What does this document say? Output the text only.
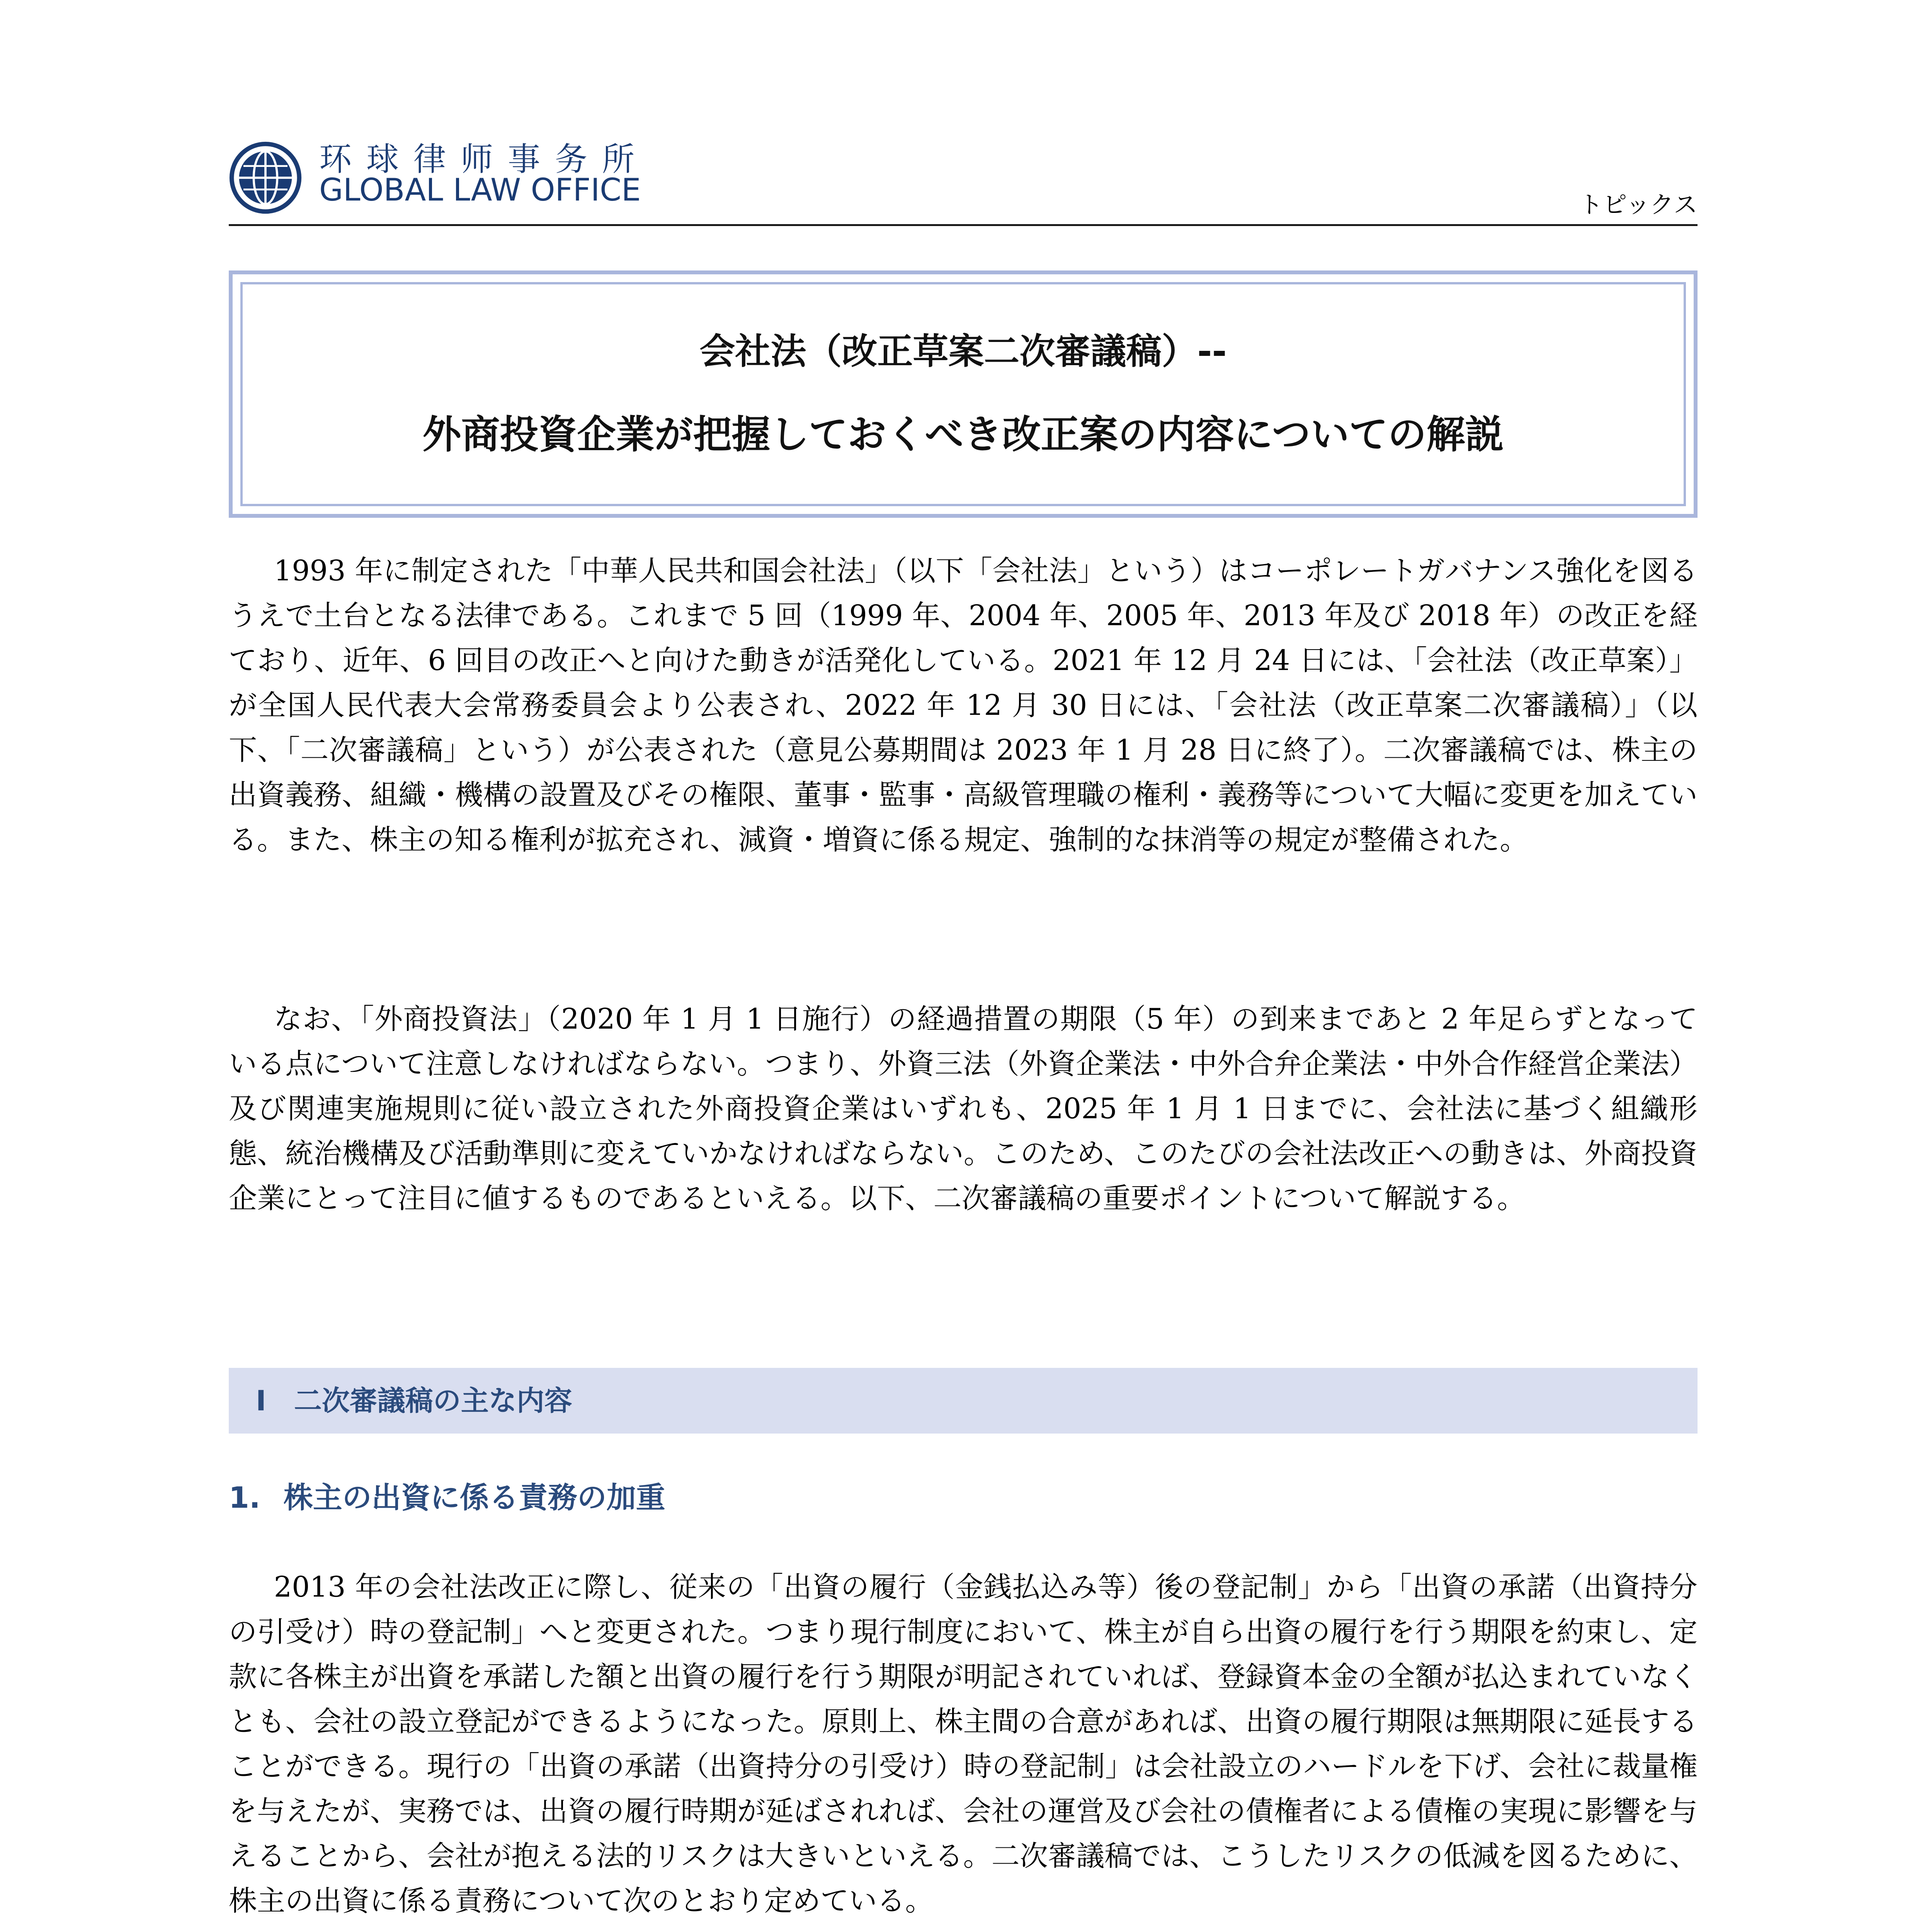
环球律师事务所
GLOBAL LAW OFFICE	トピックス
会社法（改正草案二次審議稿）--
外商投資企業が把握しておくべき改正案の内容についての解説

1993 年に制定された「中華人民共和国会社法」（以下「会社法」という）はコーポレートガバナンス強化を図るうえで土台となる法律である。これまで 5 回（1999 年、2004 年、2005 年、2013 年及び 2018 年）の改正を経ており、近年、6 回目の改正へと向けた動きが活発化している。2021 年 12 月 24 日には、「会社法（改正草案）」が全国人民代表大会常務委員会より公表され、2022 年 12 月 30 日には、「会社法（改正草案二次審議稿）」（以下、「二次審議稿」という）が公表された（意見公募期間は 2023 年 1 月 28 日に終了）。二次審議稿では、株主の出資義務、組織・機構の設置及びその権限、董事・監事・高級管理職の権利・義務等について大幅に変更を加えている。また、株主の知る権利が拡充され、減資・増資に係る規定、強制的な抹消等の規定が整備された。

なお、「外商投資法」（2020 年 1 月 1 日施行）の経過措置の期限（5 年）の到来まであと 2 年足らずとなっている点について注意しなければならない。つまり、外資三法（外資企業法・中外合弁企業法・中外合作経営企業法）及び関連実施規則に従い設立された外商投資企業はいずれも、2025 年 1 月 1 日までに、会社法に基づく組織形態、統治機構及び活動準則に変えていかなければならない。このため、このたびの会社法改正への動きは、外商投資企業にとって注目に値するものであるといえる。以下、二次審議稿の重要ポイントについて解説する。

I　二次審議稿の主な内容
1. 株主の出資に係る責務の加重

2013 年の会社法改正に際し、従来の「出資の履行（金銭払込み等）後の登記制」から「出資の承諾（出資持分の引受け）時の登記制」へと変更された。つまり現行制度において、株主が自ら出資の履行を行う期限を約束し、定款に各株主が出資を承諾した額と出資の履行を行う期限が明記されていれば、登録資本金の全額が払込まれていなくとも、会社の設立登記ができるようになった。原則上、株主間の合意があれば、出資の履行期限は無期限に延長することができる。現行の「出資の承諾（出資持分の引受け）時の登記制」は会社設立のハードルを下げ、会社に裁量権を与えたが、実務では、出資の履行時期が延ばされれば、会社の運営及び会社の債権者による債権の実現に影響を与えることから、会社が抱える法的リスクは大きいといえる。二次審議稿では、こうしたリスクの低減を図るために、株主の出資に係る責務について次のとおり定めている。
